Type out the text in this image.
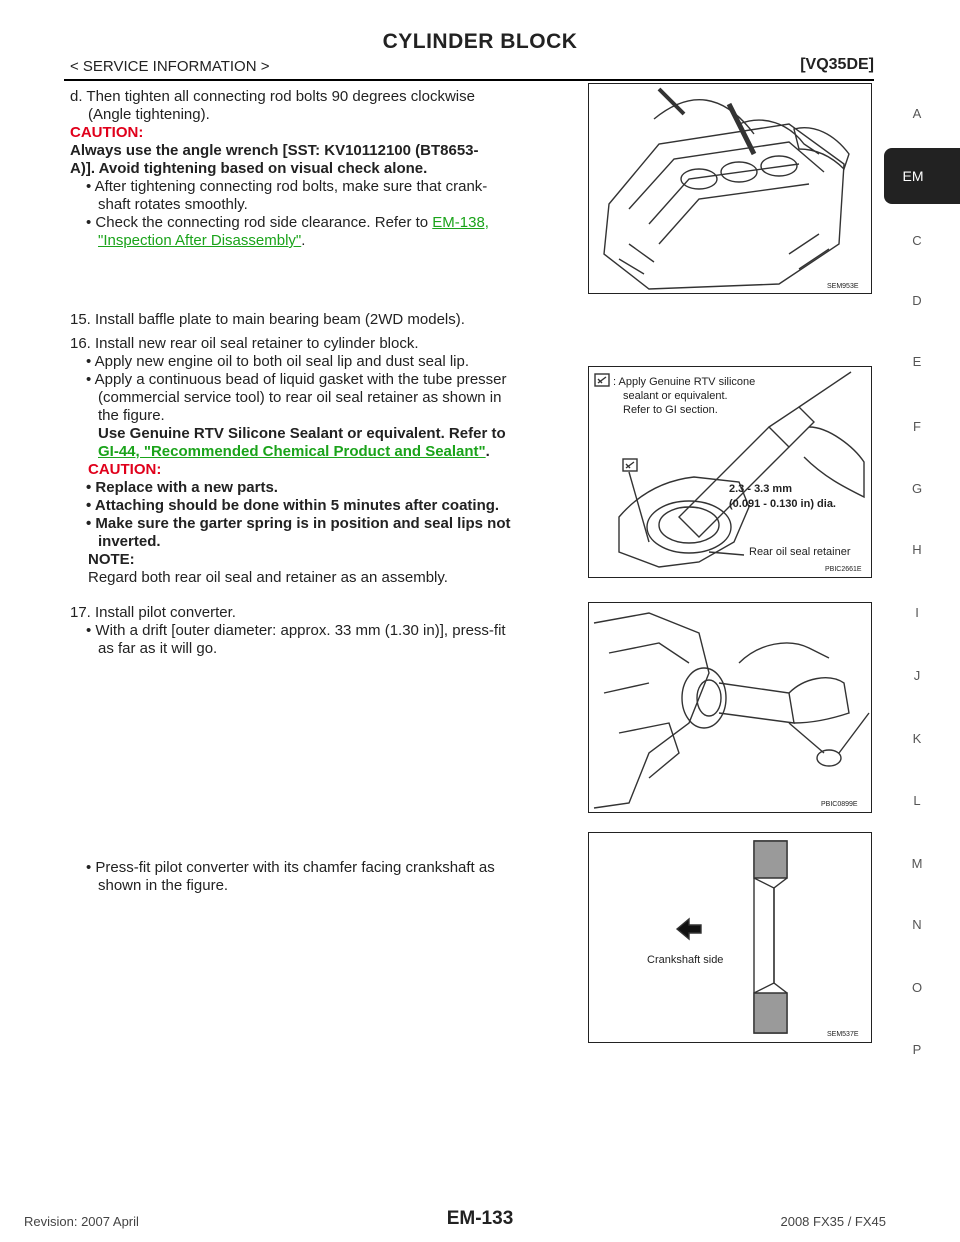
CYLINDER BLOCK
< SERVICE INFORMATION >	[VQ35DE]
EM
A
C
D
E
F
G
H
I
J
K
L
M
N
O
P
d. Then tighten all connecting rod bolts 90 degrees clockwise
(Angle tightening).
CAUTION:
Always use the angle wrench [SST: KV10112100 (BT8653-
A)]. Avoid tightening based on visual check alone.
• After tightening connecting rod bolts, make sure that crank-
shaft rotates smoothly.
• Check the connecting rod side clearance. Refer to EM-138,
"Inspection After Disassembly".
15. Install baffle plate to main bearing beam (2WD models).
16. Install new rear oil seal retainer to cylinder block.
• Apply new engine oil to both oil seal lip and dust seal lip.
• Apply a continuous bead of liquid gasket with the tube presser
(commercial service tool) to rear oil seal retainer as shown in
the figure.
Use Genuine RTV Silicone Sealant or equivalent. Refer to
GI-44, "Recommended Chemical Product and Sealant".
CAUTION:
• Replace with a new parts.
• Attaching should be done within 5 minutes after coating.
• Make sure the garter spring is in position and seal lips not
inverted.
NOTE:
Regard both rear oil seal and retainer as an assembly.
17. Install pilot converter.
• With a drift [outer diameter: approx. 33 mm (1.30 in)], press-fit
as far as it will go.
• Press-fit pilot converter with its chamfer facing crankshaft as
shown in the figure.
SEM953E
: Apply Genuine RTV silicone
sealant or equivalent.
Refer to GI section.
2.3 - 3.3 mm
(0.091 - 0.130 in) dia.
Rear oil seal retainer
PBIC2661E
PBIC0899E
Crankshaft side
SEM537E
Revision: 2007 April	EM-133	2008 FX35 / FX45
